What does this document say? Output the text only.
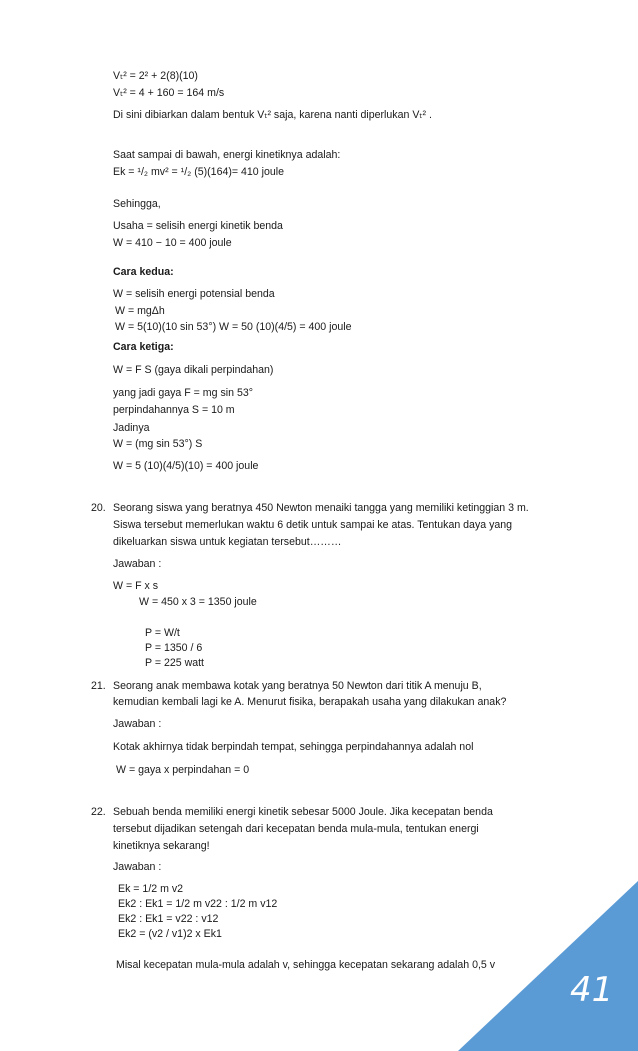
Vₜ² = 2² + 2(8)(10)
Vₜ² = 4 + 160 = 164 m/s
Di sini dibiarkan dalam bentuk Vₜ² saja, karena nanti diperlukan Vₜ² .
Saat sampai di bawah, energi kinetiknya adalah:
Ek = ¹/₂ mv² = ¹/₂ (5)(164)= 410 joule
Sehingga,
Usaha = selisih energi kinetik benda
W = 410 − 10 = 400 joule
Cara kedua:
W = selisih energi potensial benda
W = mgΔh
W = 5(10)(10 sin 53°) W = 50 (10)(4/5) = 400 joule
Cara ketiga:
W = F S (gaya dikali perpindahan)
yang jadi gaya F = mg sin 53°
perpindahannya S = 10 m
Jadinya
W = (mg sin 53°) S
W = 5 (10)(4/5)(10) = 400 joule
20. Seorang siswa yang beratnya 450 Newton menaiki tangga yang memiliki ketinggian 3 m.
Siswa tersebut memerlukan waktu 6 detik untuk sampai ke atas. Tentukan daya yang
dikeluarkan siswa untuk kegiatan tersebut………
Jawaban :
W = F x s
W = 450 x 3 = 1350 joule
P = W/t
P = 1350 / 6
P = 225 watt
21. Seorang anak membawa kotak yang beratnya 50 Newton dari titik A menuju B,
kemudian kembali lagi ke A. Menurut fisika, berapakah usaha yang dilakukan anak?
Jawaban :
Kotak akhirnya tidak berpindah tempat, sehingga perpindahannya adalah nol
W = gaya x perpindahan = 0
22. Sebuah benda memiliki energi kinetik sebesar 5000 Joule. Jika kecepatan benda
tersebut dijadikan setengah dari kecepatan benda mula-mula, tentukan energi
kinetiknya sekarang!
Jawaban :
Ek = 1/2 m v2
Ek2 : Ek1 = 1/2 m v22 : 1/2 m v12
Ek2 : Ek1 = v22 : v12
Ek2 = (v2 / v1)2 x Ek1
Misal kecepatan mula-mula adalah v, sehingga kecepatan sekarang adalah 0,5 v
41
